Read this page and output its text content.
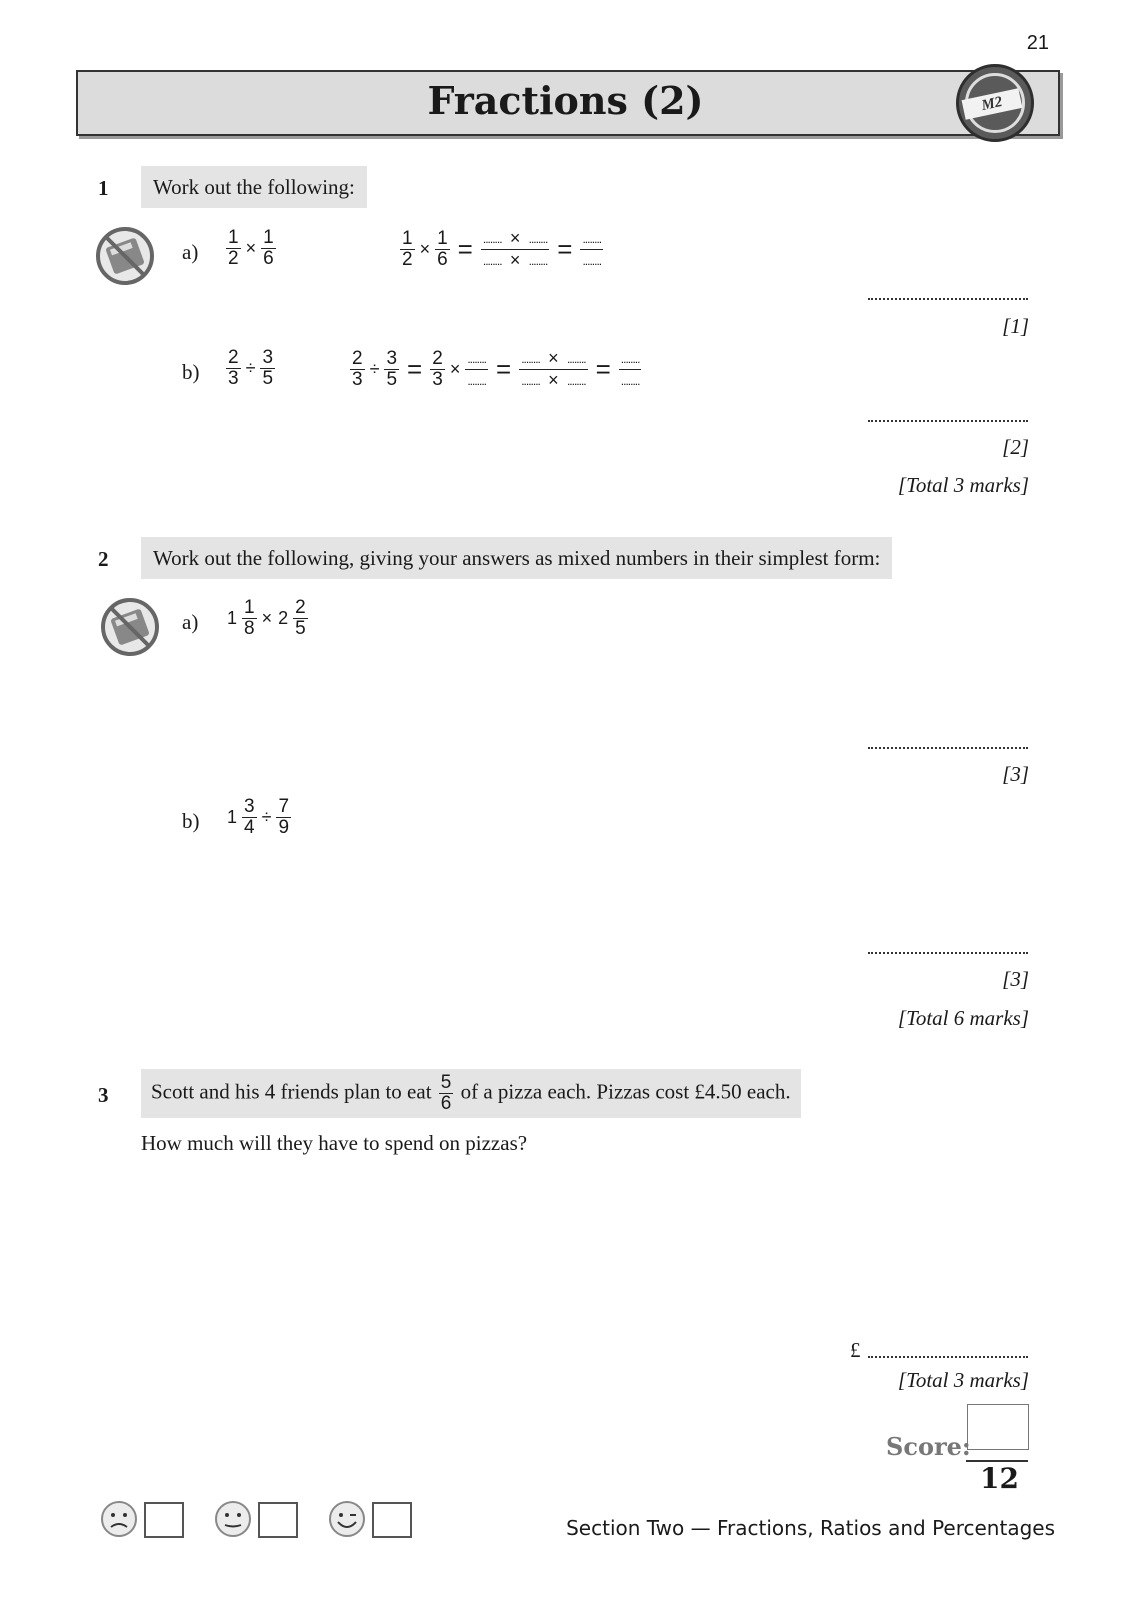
21
Fractions (2)	M2
1	Work out the following:
$a) \frac{1}{2} \times \frac{1}{6}$	$\frac{1}{2} \times \frac{1}{6} = \frac{........ \times ........}{........ \times ........} = \frac{........}{........}$
[1]
$b) \frac{2}{3} \div \frac{3}{5}$	$\frac{2}{3} \div \frac{3}{5} = \frac{2}{3} \times \frac{........}{........} = \frac{........ \times ........}{........ \times ........} = \frac{........}{........}$
[2]
[Total 3 marks]
2	Work out the following, giving your answers as mixed numbers in their simplest form:
a) $1 \frac{1}{8} \times 2 \frac{2}{5}$
[3]
b) $1 \frac{3}{4} \div \frac{7}{9}$
[3]
[Total 6 marks]
3	Scott and his 4 friends plan to eat $\frac{5}{6}$ of a pizza each. Pizzas cost £4.50 each.
How much will they have to spend on pizzas?
£
[Total 3 marks]
Score:
12
Section Two — Fractions, Ratios and Percentages
